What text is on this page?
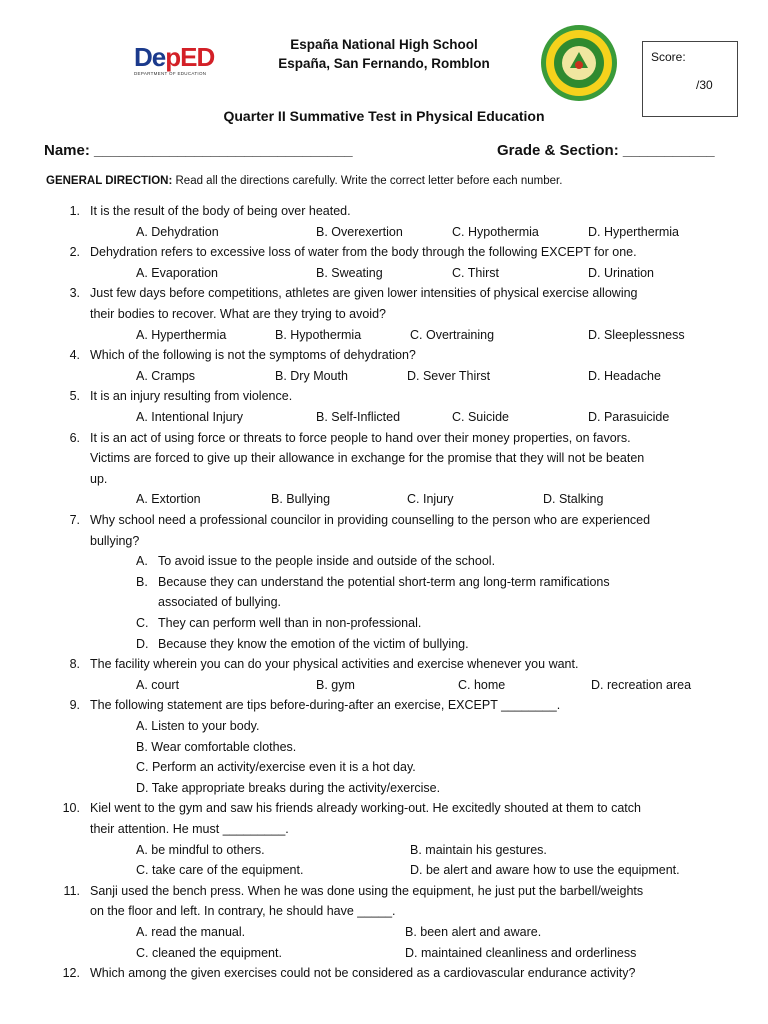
DepED
DEPARTMENT OF EDUCATION
España National High School
España, San Fernando, Romblon	Score:
/30
Quarter II Summative Test in Physical Education
Name: _______________________________	Grade & Section: ___________
GENERAL DIRECTION: Read all the directions carefully. Write the correct letter before each number.
1. It is the result of the body of being over heated.
A. Dehydration	B. Overexertion	C. Hypothermia	D. Hyperthermia
2. Dehydration refers to excessive loss of water from the body through the following EXCEPT for one.
A. Evaporation	B. Sweating	C. Thirst	D. Urination
3. Just few days before competitions, athletes are given lower intensities of physical exercise allowing
their bodies to recover. What are they trying to avoid?
A. Hyperthermia	B. Hypothermia	C. Overtraining	D. Sleeplessness
4. Which of the following is not the symptoms of dehydration?
A. Cramps	B. Dry Mouth	D. Sever Thirst	D. Headache
5. It is an injury resulting from violence.
A. Intentional Injury	B. Self-Inflicted	C. Suicide	D. Parasuicide
6. It is an act of using force or threats to force people to hand over their money properties, on favors.
Victims are forced to give up their allowance in exchange for the promise that they will not be beaten
up.
A. Extortion	B. Bullying	C. Injury	D. Stalking
7. Why school need a professional councilor in providing counselling to the person who are experienced
bullying?
A. To avoid issue to the people inside and outside of the school.
B. Because they can understand the potential short-term ang long-term ramifications
associated of bullying.
C. They can perform well than in non-professional.
D. Because they know the emotion of the victim of bullying.
8. The facility wherein you can do your physical activities and exercise whenever you want.
A. court	B. gym	C. home	D. recreation area
9. The following statement are tips before-during-after an exercise, EXCEPT ________.
A. Listen to your body.
B. Wear comfortable clothes.
C. Perform an activity/exercise even it is a hot day.
D. Take appropriate breaks during the activity/exercise.
10. Kiel went to the gym and saw his friends already working-out. He excitedly shouted at them to catch
their attention. He must _________.
A. be mindful to others.	B. maintain his gestures.
C. take care of the equipment.	D. be alert and aware how to use the equipment.
11. Sanji used the bench press. When he was done using the equipment, he just put the barbell/weights
on the floor and left. In contrary, he should have _____.
A. read the manual.	B. been alert and aware.
C. cleaned the equipment.	D. maintained cleanliness and orderliness
12. Which among the given exercises could not be considered as a cardiovascular endurance activity?
